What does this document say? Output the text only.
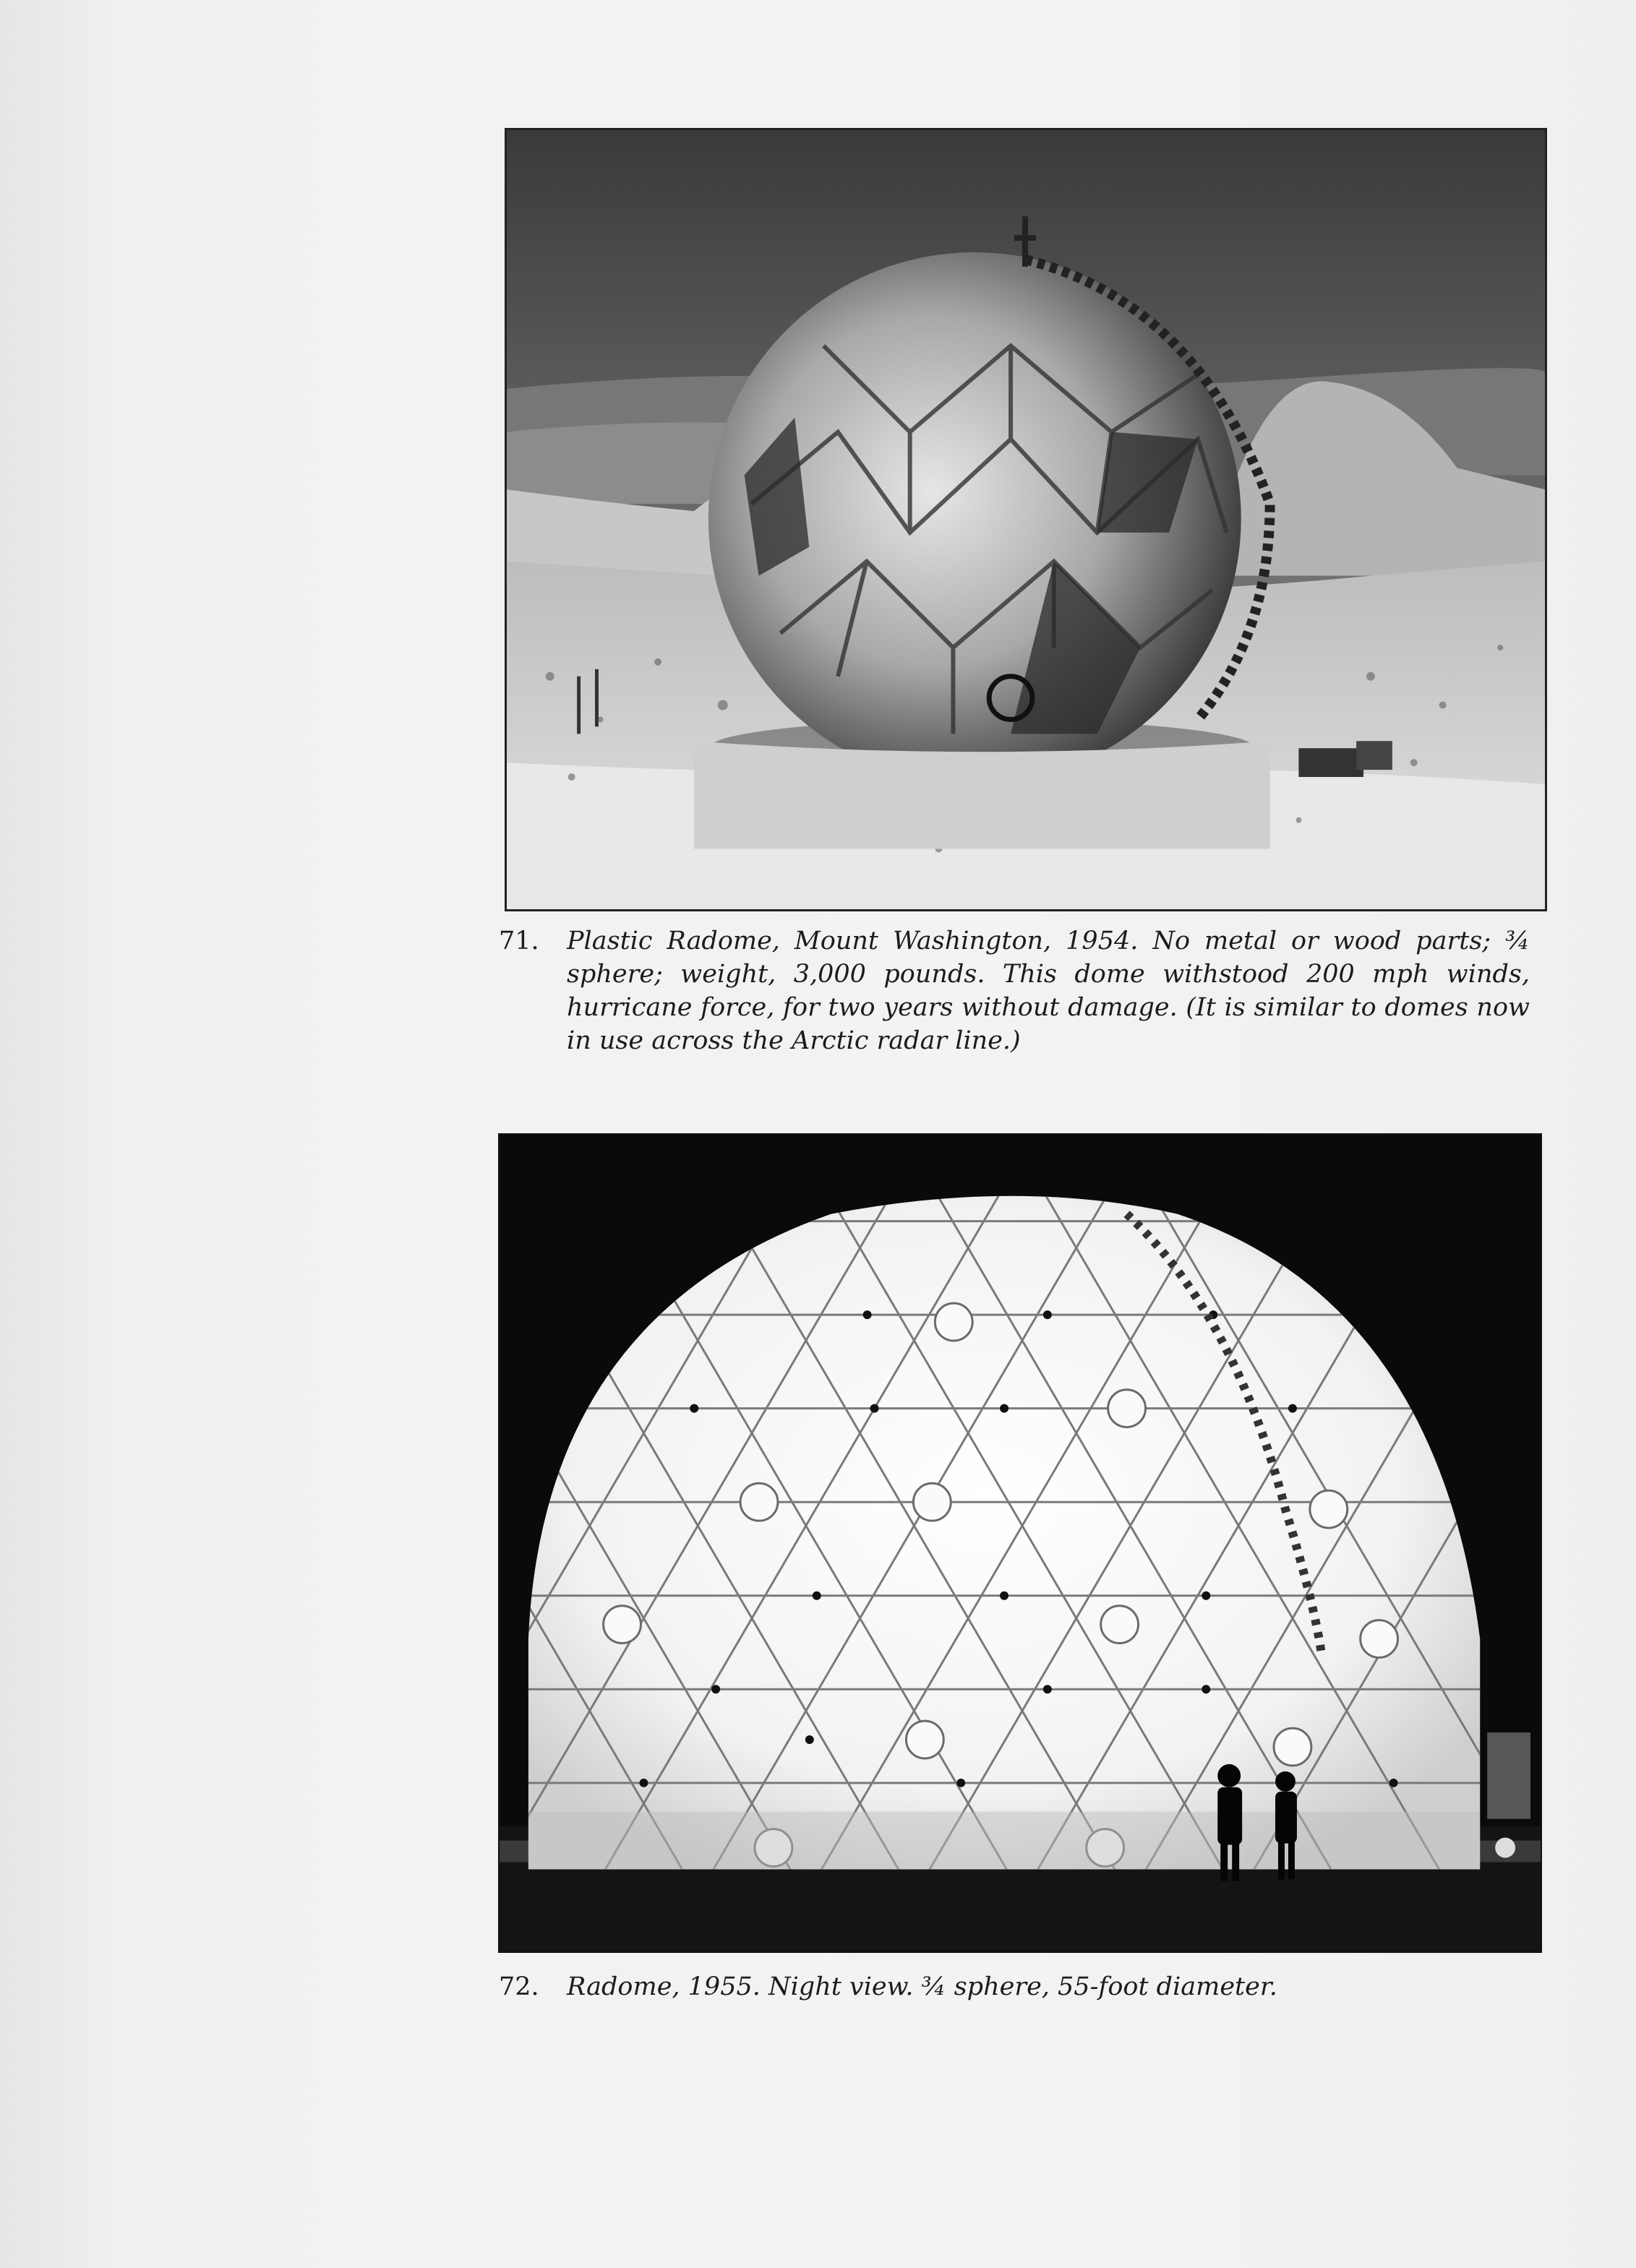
71. Plastic Radome, Mount Washington, 1954. No metal or wood parts; ¾ sphere; weight, 3,000 pounds. This dome withstood 200 mph winds, hurricane force, for two years without damage. (It is similar to domes now in use across the Arctic radar line.)
72. Radome, 1955. Night view. ¾ sphere, 55-foot diameter.
